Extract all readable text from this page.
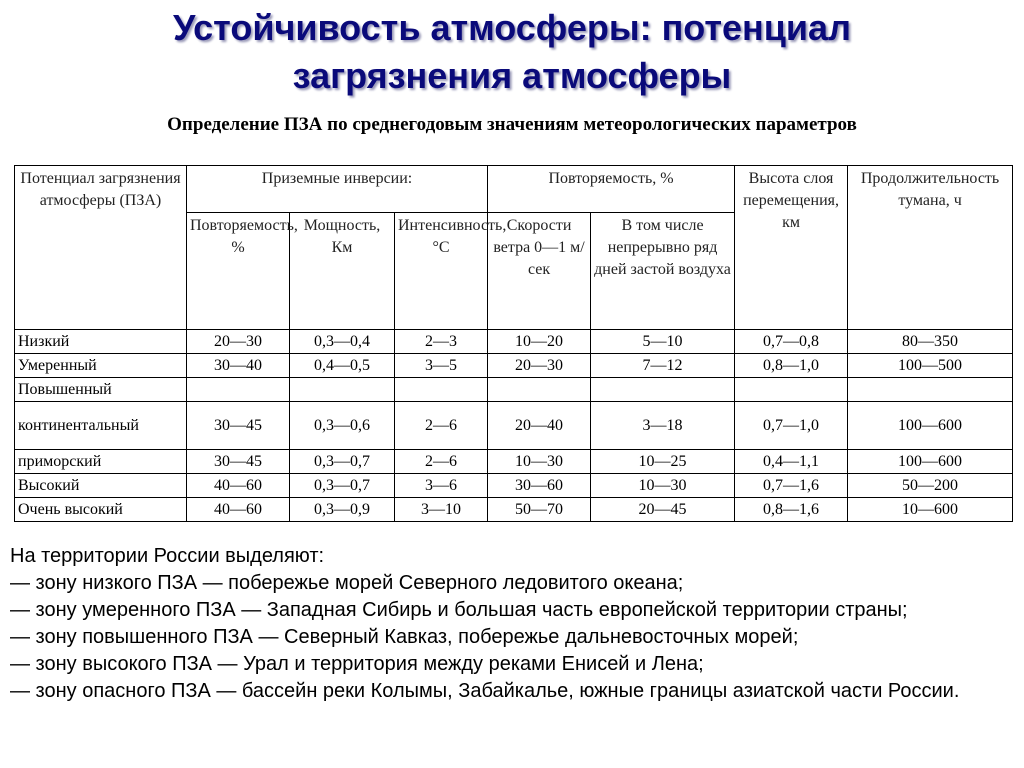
Устойчивость атмосферы: потенциал
загрязнения атмосферы
Определение ПЗА по среднегодовым значениям метеорологических параметров
Потенциал загрязнения атмосферы (ПЗА)	Приземные инверсии:			Повторяемость, %		Высота слоя перемещения, км	Продолжительность тумана, ч
	Повторяемость, %	Мощность, Км	Интенсивность, °С	Скорости ветра 0—1 м/сек	В том числе непрерывно ряд дней застой воздуха		
Низкий	20—30	0,3—0,4	2—3	10—20	5—10	0,7—0,8	80—350
Умеренный	30—40	0,4—0,5	3—5	20—30	7—12	0,8—1,0	100—500
Повышенный							
континентальный	30—45	0,3—0,6	2—6	20—40	3—18	0,7—1,0	100—600
приморский	30—45	0,3—0,7	2—6	10—30	10—25	0,4—1,1	100—600
Высокий	40—60	0,3—0,7	3—6	30—60	10—30	0,7—1,6	50—200
Очень высокий	40—60	0,3—0,9	3—10	50—70	20—45	0,8—1,6	10—600
На территории России выделяют:
— зону низкого ПЗА — побережье морей Северного ледовитого океана;
— зону умеренного ПЗА — Западная Сибирь и большая часть европейской территории страны;
— зону повышенного ПЗА — Северный Кавказ, побережье дальневосточных морей;
— зону высокого ПЗА — Урал и территория между реками Енисей и Лена;
— зону опасного ПЗА — бассейн реки Колымы, Забайкалье, южные границы азиатской части России.
